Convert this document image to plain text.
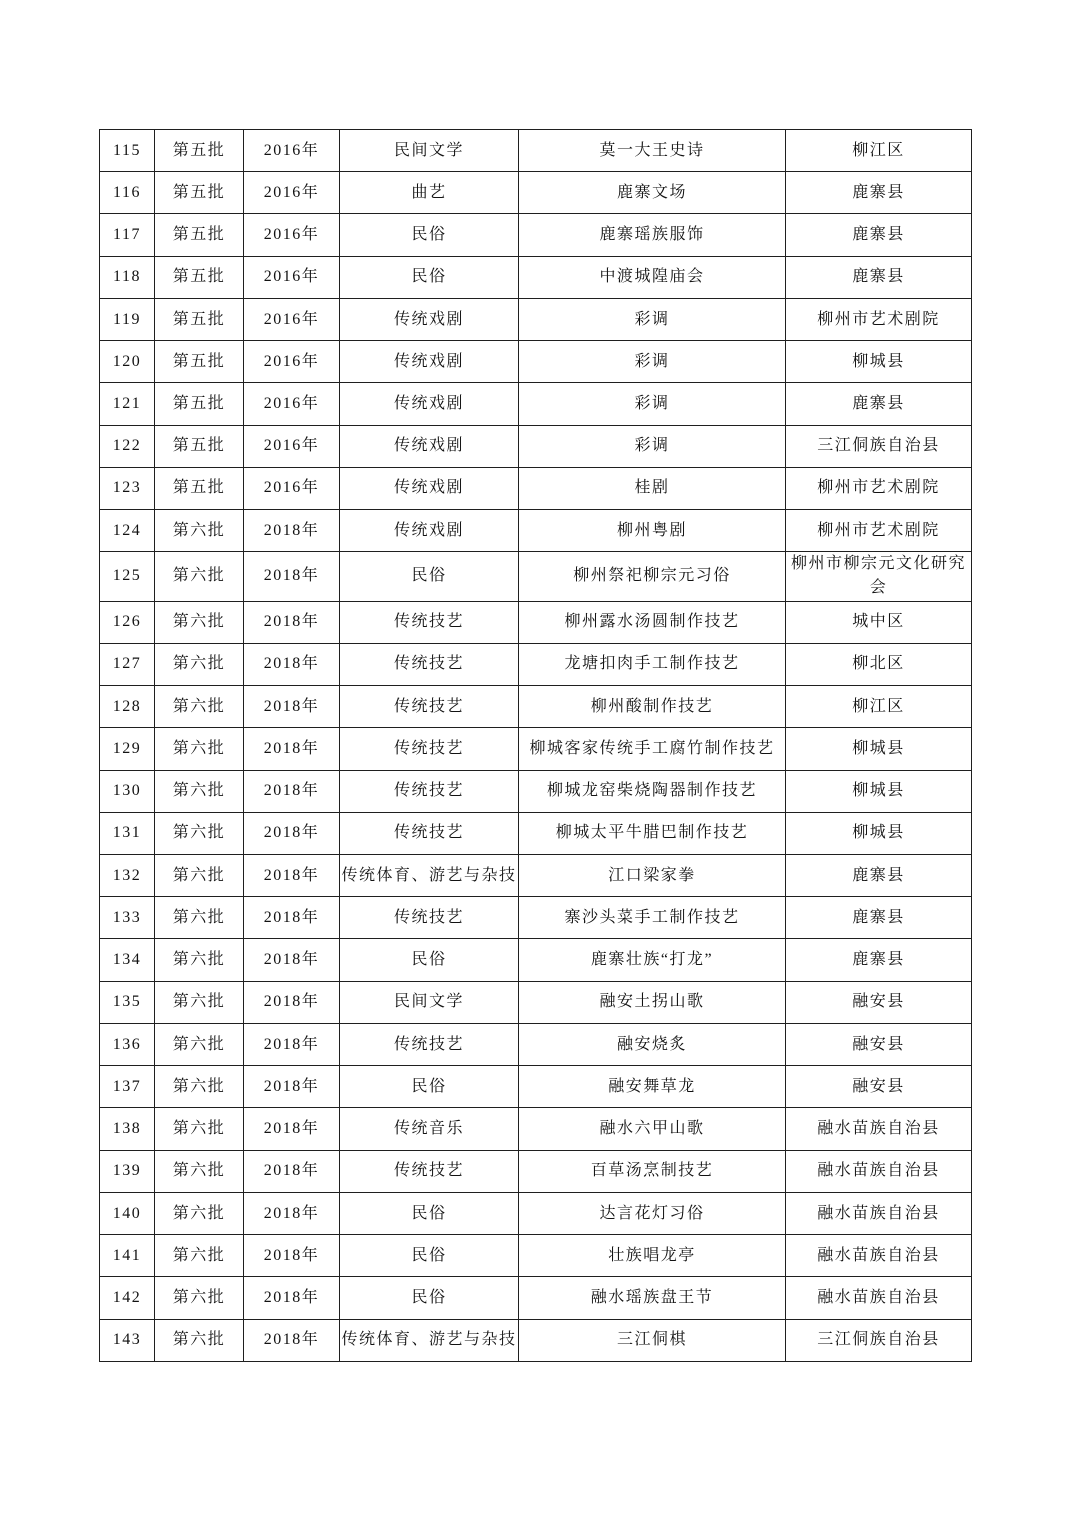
115	第五批	2016年	民间文学	莫一大王史诗	柳江区
116	第五批	2016年	曲艺	鹿寨文场	鹿寨县
117	第五批	2016年	民俗	鹿寨瑶族服饰	鹿寨县
118	第五批	2016年	民俗	中渡城隍庙会	鹿寨县
119	第五批	2016年	传统戏剧	彩调	柳州市艺术剧院
120	第五批	2016年	传统戏剧	彩调	柳城县
121	第五批	2016年	传统戏剧	彩调	鹿寨县
122	第五批	2016年	传统戏剧	彩调	三江侗族自治县
123	第五批	2016年	传统戏剧	桂剧	柳州市艺术剧院
124	第六批	2018年	传统戏剧	柳州粤剧	柳州市艺术剧院
125	第六批	2018年	民俗	柳州祭祀柳宗元习俗	柳州市柳宗元文化研究会
126	第六批	2018年	传统技艺	柳州露水汤圆制作技艺	城中区
127	第六批	2018年	传统技艺	龙塘扣肉手工制作技艺	柳北区
128	第六批	2018年	传统技艺	柳州酸制作技艺	柳江区
129	第六批	2018年	传统技艺	柳城客家传统手工腐竹制作技艺	柳城县
130	第六批	2018年	传统技艺	柳城龙窑柴烧陶器制作技艺	柳城县
131	第六批	2018年	传统技艺	柳城太平牛腊巴制作技艺	柳城县
132	第六批	2018年	传统体育、游艺与杂技	江口梁家拳	鹿寨县
133	第六批	2018年	传统技艺	寨沙头菜手工制作技艺	鹿寨县
134	第六批	2018年	民俗	鹿寨壮族“打龙”	鹿寨县
135	第六批	2018年	民间文学	融安土拐山歌	融安县
136	第六批	2018年	传统技艺	融安烧炙	融安县
137	第六批	2018年	民俗	融安舞草龙	融安县
138	第六批	2018年	传统音乐	融水六甲山歌	融水苗族自治县
139	第六批	2018年	传统技艺	百草汤烹制技艺	融水苗族自治县
140	第六批	2018年	民俗	达言花灯习俗	融水苗族自治县
141	第六批	2018年	民俗	壮族唱龙亭	融水苗族自治县
142	第六批	2018年	民俗	融水瑶族盘王节	融水苗族自治县
143	第六批	2018年	传统体育、游艺与杂技	三江侗棋	三江侗族自治县
